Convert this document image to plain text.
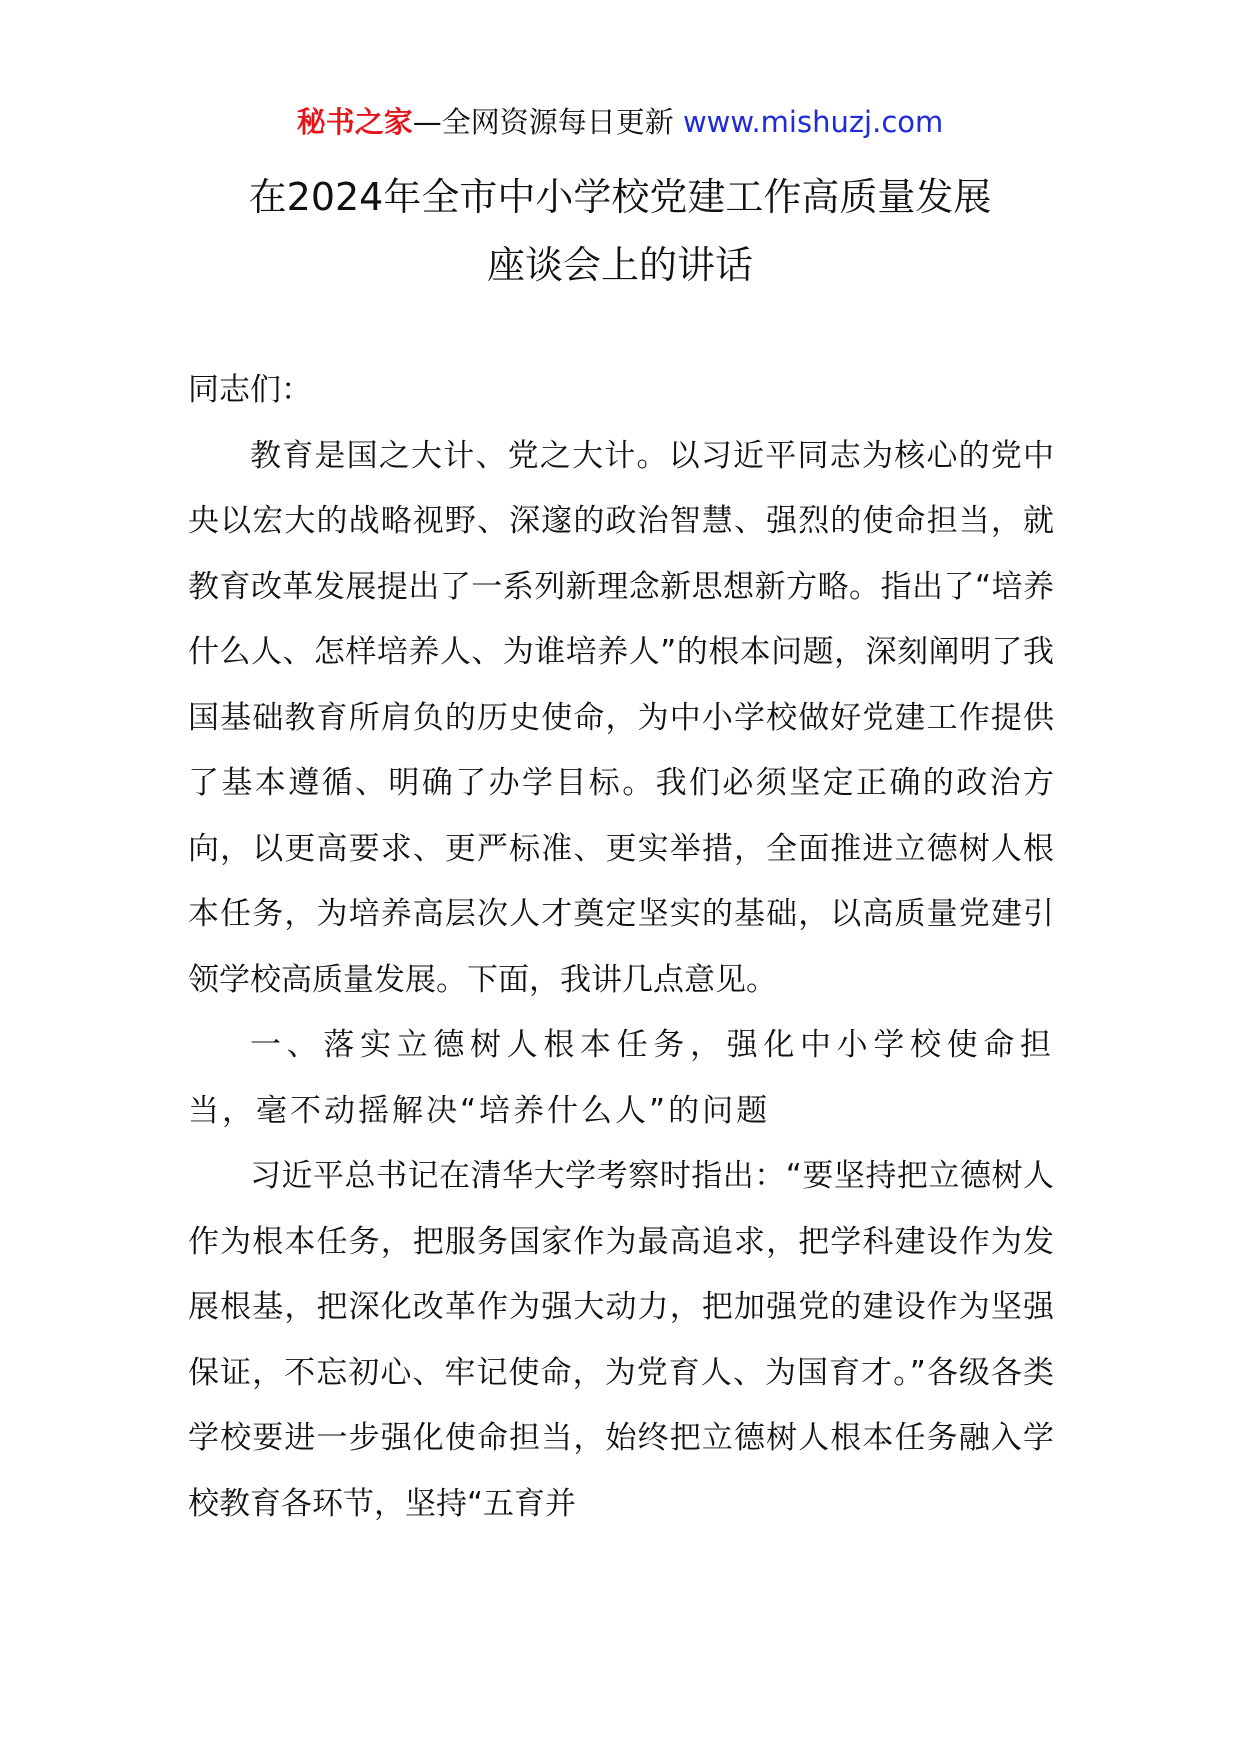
秘书之家—全网资源每日更新 www.mishuzj.com
在2024年全市中小学校党建工作高质量发展
座谈会上的讲话

同志们：

教育是国之大计、党之大计。以习近平同志为核心的党中央以宏大的战略视野、深邃的政治智慧、强烈的使命担当，就教育改革发展提出了一系列新理念新思想新方略。指出了“培养什么人、怎样培养人、为谁培养人”的根本问题，深刻阐明了我国基础教育所肩负的历史使命，为中小学校做好党建工作提供了基本遵循、明确了办学目标。我们必须坚定正确的政治方向，以更高要求、更严标准、更实举措，全面推进立德树人根本任务，为培养高层次人才奠定坚实的基础，以高质量党建引领学校高质量发展。下面，我讲几点意见。

一、落实立德树人根本任务，强化中小学校使命担当，毫不动摇解决“培养什么人”的问题

习近平总书记在清华大学考察时指出：“要坚持把立德树人作为根本任务，把服务国家作为最高追求，把学科建设作为发展根基，把深化改革作为强大动力，把加强党的建设作为坚强保证，不忘初心、牢记使命，为党育人、为国育才。”各级各类学校要进一步强化使命担当，始终把立德树人根本任务融入学校教育各环节，坚持“五育并
